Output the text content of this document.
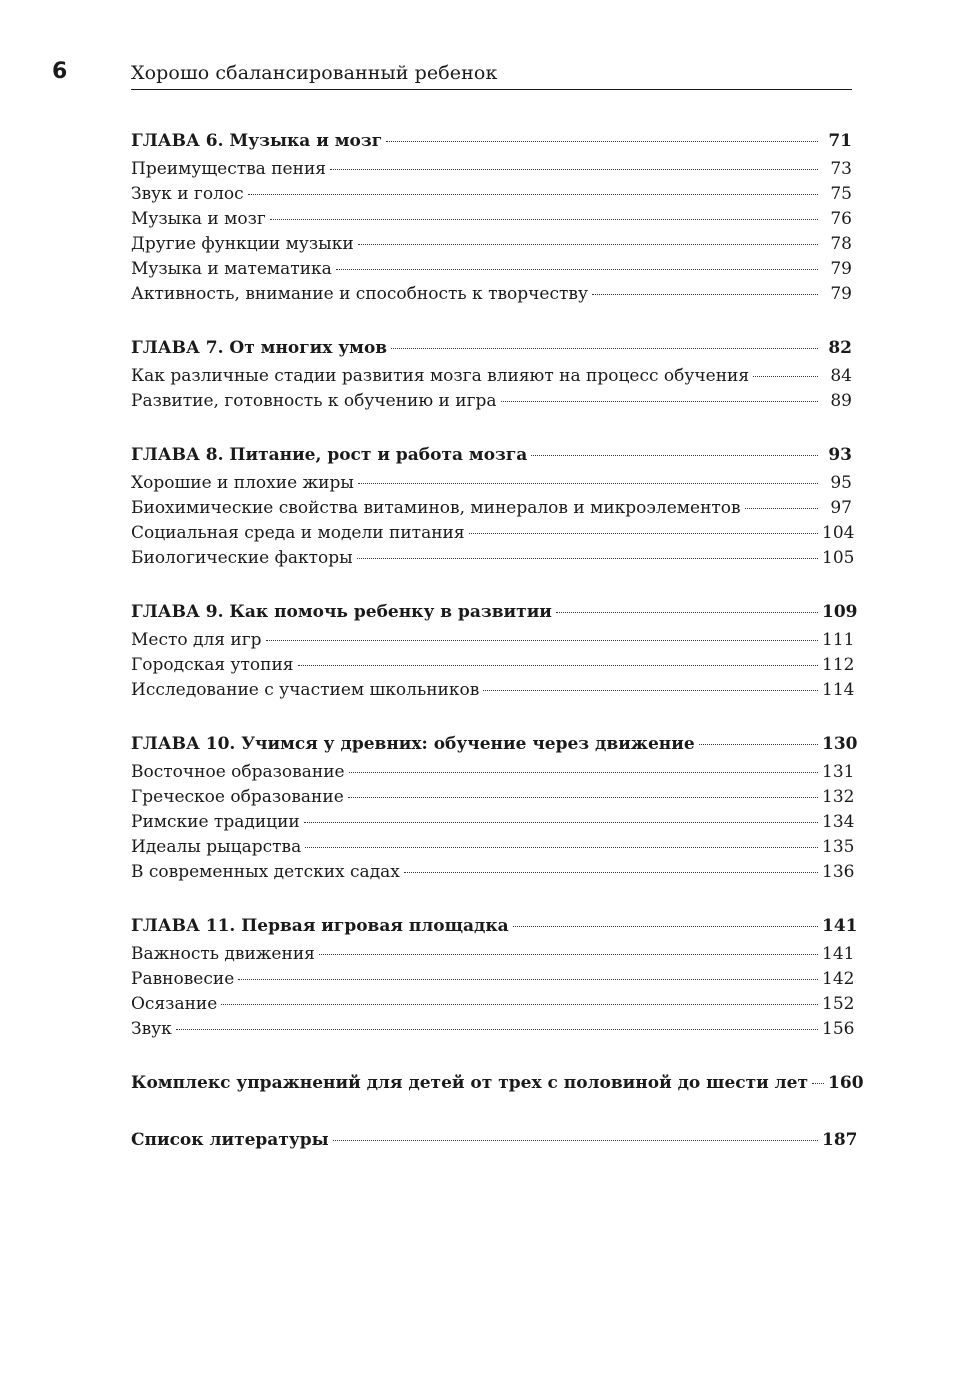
6	Хорошо сбалансированный ребенок
ГЛАВА 6. Музыка и мозг	71
Преимущества пения	73
Звук и голос	75
Музыка и мозг	76
Другие функции музыки	78
Музыка и математика	79
Активность, внимание и способность к творчеству	79
ГЛАВА 7. От многих умов	82
Как различные стадии развития мозга влияют на процесс обучения	84
Развитие, готовность к обучению и игра	89
ГЛАВА 8. Питание, рост и работа мозга	93
Хорошие и плохие жиры	95
Биохимические свойства витаминов, минералов и микроэлементов	97
Социальная среда и модели питания	104
Биологические факторы	105
ГЛАВА 9. Как помочь ребенку в развитии	109
Место для игр	111
Городская утопия	112
Исследование с участием школьников	114
ГЛАВА 10. Учимся у древних: обучение через движение	130
Восточное образование	131
Греческое образование	132
Римские традиции	134
Идеалы рыцарства	135
В современных детских садах	136
ГЛАВА 11. Первая игровая площадка	141
Важность движения	141
Равновесие	142
Осязание	152
Звук	156
Комплекс упражнений для детей от трех с половиной до шести лет 160
Список литературы	187
